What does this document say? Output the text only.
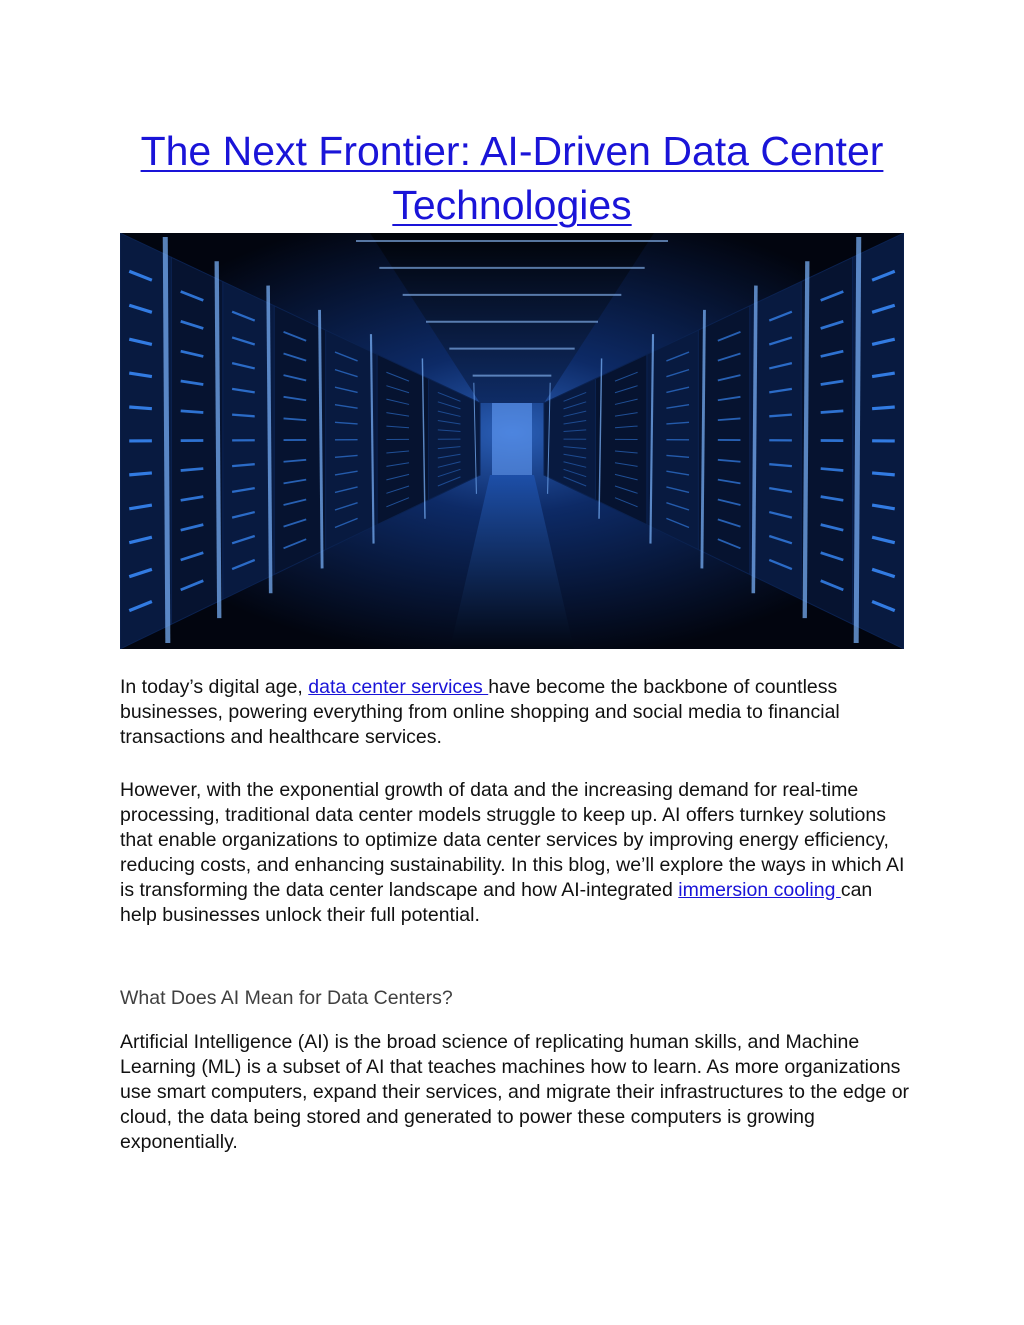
The Next Frontier: AI-Driven Data Center Technologies

In today’s digital age, data center services have become the backbone of countless businesses, powering everything from online shopping and social media to financial transactions and healthcare services.

However, with the exponential growth of data and the increasing demand for real-time processing, traditional data center models struggle to keep up. AI offers turnkey solutions that enable organizations to optimize data center services by improving energy efficiency, reducing costs, and enhancing sustainability. In this blog, we’ll explore the ways in which AI is transforming the data center landscape and how AI-integrated immersion cooling can help businesses unlock their full potential.

What Does AI Mean for Data Centers?

Artificial Intelligence (AI) is the broad science of replicating human skills, and Machine Learning (ML) is a subset of AI that teaches machines how to learn. As more organizations use smart computers, expand their services, and migrate their infrastructures to the edge or cloud, the data being stored and generated to power these computers is growing exponentially.
